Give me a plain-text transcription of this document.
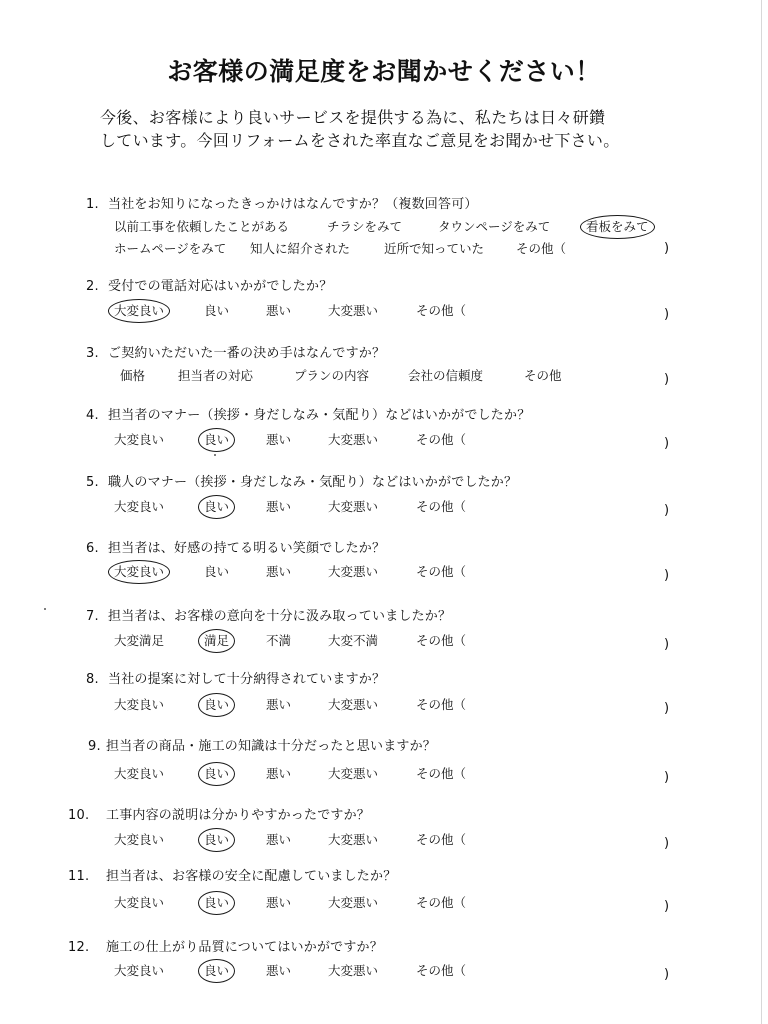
お客様の満足度をお聞かせください！
今後、お客様により良いサービスを提供する為に、私たちは日々研鑽
しています。今回リフォームをされた率直なご意見をお聞かせ下さい。
1. 当社をお知りになったきっかけはなんですか？（複数回答可）
以前工事を依頼したことがある	チラシをみて	タウンページをみて	看板をみて
ホームページをみて 知人に紹介された	近所で知っていた	その他（	)
2. 受付での電話対応はいかがでしたか？
大変良い	良い	悪い	大変悪い	その他（	)
3. ご契約いただいた一番の決め手はなんですか？
価格	担当者の対応	プランの内容	会社の信頼度	その他	)
4. 担当者のマナー（挨拶・身だしなみ・気配り）などはいかがでしたか？
大変良い	良い	悪い	大変悪い	その他（	)
5. 職人のマナー（挨拶・身だしなみ・気配り）などはいかがでしたか？
大変良い	良い	悪い	大変悪い	その他（	)
6. 担当者は、好感の持てる明るい笑顔でしたか？
大変良い	良い	悪い	大変悪い	その他（	)
7. 担当者は、お客様の意向を十分に汲み取っていましたか？
大変満足	満足	不満	大変不満	その他（	)
8. 当社の提案に対して十分納得されていますか？
大変良い	良い	悪い	大変悪い	その他（	)
9. 担当者の商品・施工の知識は十分だったと思いますか？
大変良い	良い	悪い	大変悪い	その他（	)
10. 工事内容の説明は分かりやすかったですか？
大変良い	良い	悪い	大変悪い	その他（	)
11. 担当者は、お客様の安全に配慮していましたか？
大変良い	良い	悪い	大変悪い	その他（	)
12. 施工の仕上がり品質についてはいかがですか？
大変良い	良い	悪い	大変悪い	その他（	)
